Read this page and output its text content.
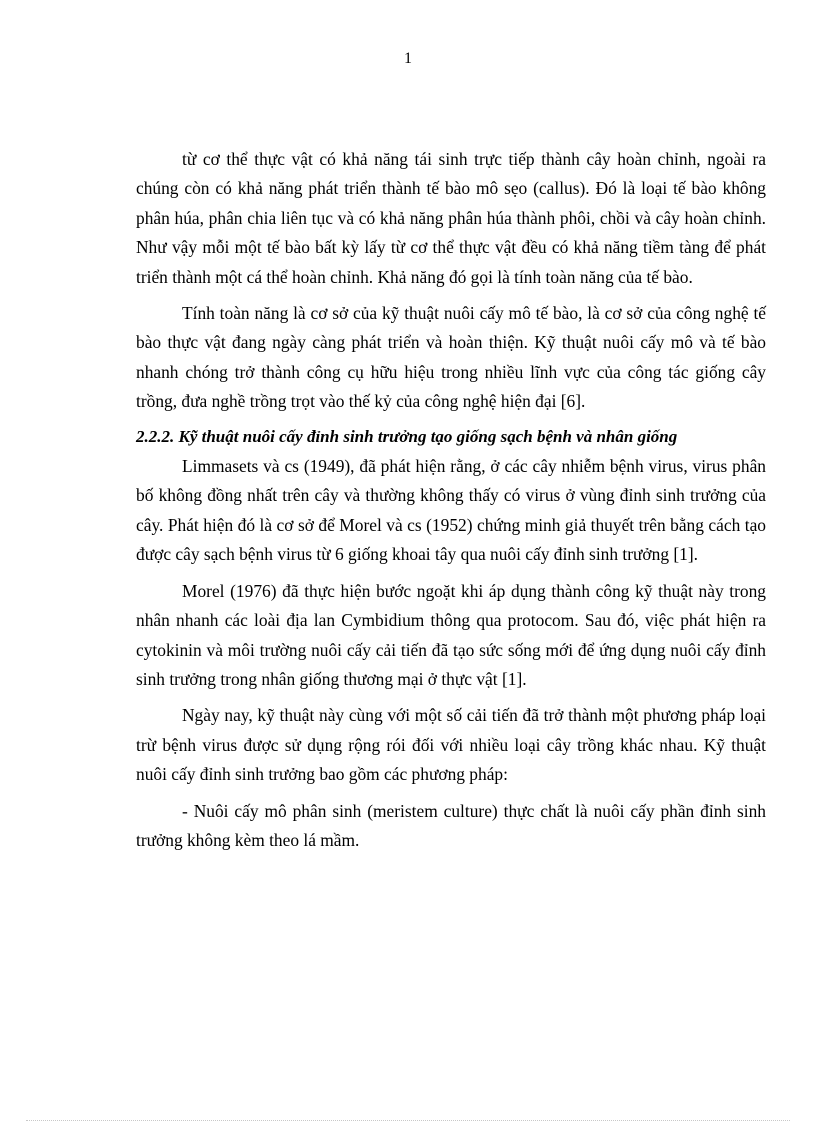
1

từ cơ thể thực vật có khả năng tái sinh trực tiếp thành cây hoàn chỉnh, ngoài ra chúng còn có khả năng phát triển thành tế bào mô sẹo (callus). Đó là loại tế bào không phân húa, phân chia liên tục và có khả năng phân húa thành phôi, chồi và cây hoàn chỉnh. Như vậy mỗi một tế bào bất kỳ lấy từ cơ thể thực vật đều có khả năng tiềm tàng để phát triển thành một cá thể hoàn chỉnh. Khả năng đó gọi là tính toàn năng của tế bào.

Tính toàn năng là cơ sở của kỹ thuật nuôi cấy mô tế bào, là cơ sở của công nghệ tế bào thực vật đang ngày càng phát triển và hoàn thiện. Kỹ thuật nuôi cấy mô và tế bào nhanh chóng trở thành công cụ hữu hiệu trong nhiều lĩnh vực của công tác giống cây trồng, đưa nghề trồng trọt vào thế kỷ của công nghệ hiện đại [6].

2.2.2. Kỹ thuật nuôi cấy đỉnh sinh trưởng tạo giống sạch bệnh và nhân giống

Limmasets và cs (1949), đã phát hiện rằng, ở các cây nhiễm bệnh virus, virus phân bố không đồng nhất trên cây và thường không thấy có virus ở vùng đỉnh sinh trưởng của cây. Phát hiện đó là cơ sở để Morel và cs (1952) chứng minh giả thuyết trên bằng cách tạo được cây sạch bệnh virus từ 6 giống khoai tây qua nuôi cấy đỉnh sinh trưởng [1].

Morel (1976) đã thực hiện bước ngoặt khi áp dụng thành công kỹ thuật này trong nhân nhanh các loài địa lan Cymbidium thông qua protocom. Sau đó, việc phát hiện ra cytokinin và môi trường nuôi cấy cải tiến đã tạo sức sống mới để ứng dụng nuôi cấy đỉnh sinh trưởng trong nhân giống thương mại ở thực vật [1].

Ngày nay, kỹ thuật này cùng với một số cải tiến đã trở thành một phương pháp loại trừ bệnh virus được sử dụng rộng rói đối với nhiều loại cây trồng khác nhau. Kỹ thuật nuôi cấy đỉnh sinh trưởng bao gồm các phương pháp:

- Nuôi cấy mô phân sinh (meristem culture) thực chất là nuôi cấy phần đỉnh sinh trưởng không kèm theo lá mầm.
